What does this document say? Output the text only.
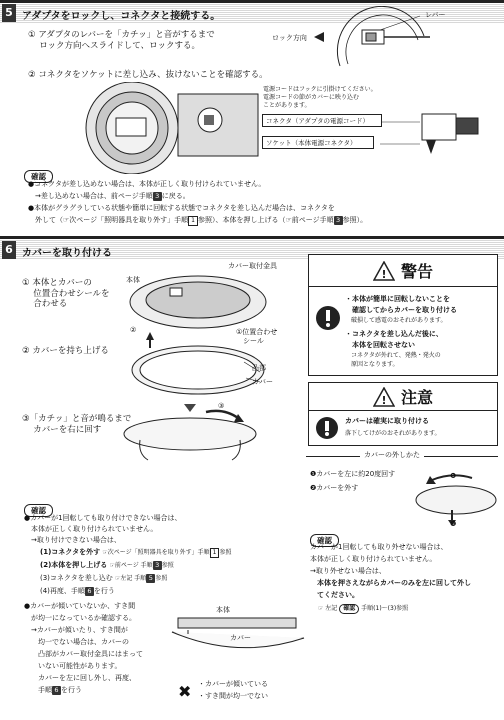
5 アダプタをロックし、コネクタと接続する。
① アダプタのレバーを「カチッ」と音がするまで
　 ロック方向へスライドして、ロックする。
レバー
ロック方向
② コネクタをソケットに差し込み、抜けないことを確認する。
電源コードはフックに引掛けてください。
電源コードの節がカバーに映り込む
ことがあります。
コネクタ（アダプタの電源コード）
ソケット（本体電源コネクタ）
確認
●コネクタが差し込めない場合は、本体が正しく取り付けられていません。
　→差し込めない場合は、前ページ手順 3 に戻る。
●本体がグラグラしている状態や簡単に回転する状態でコネクタを差し込んだ場合は、コネクタを
　外して（☞次ページ「照明器具を取り外す」手順 1 参照）、本体を押し上げる（☞前ページ手順 3 参照）。
6 カバーを取り付ける
① 本体とカバーの
　 位置合わせシールを
　 合わせる
② カバーを持ち上げる
③「カチッ」と音が鳴るまで
　 カバーを右に回す
本体
カバー取付金具
①位置合わせ
　シール
②
凸部
カバー
③
確認
●カバーが1回転しても取り付けできない場合は、
　本体が正しく取り付けられていません。
　→取り付けできない場合は、
(1)コネクタを外す ☞次ページ「照明器具を取り外す」手順 1 参照
(2)本体を押し上げる ☞前ページ 手順 3 参照
(3)コネクタを差し込む ☞左記 手順 5 参照
(4)再度、手順 6 を行う
●カバーが傾いていないか、すき間
　が均一になっているか確認する。
　→カバーが傾いたり、すき間が
　　均一でない場合は、カバーの
　　凸部がカバー取付金具にはまって
　　いない可能性があります。
　　カバーを左に回し外し、再度、
　　手順 6 を行う
本体
カバー
✖ ・カバーが傾いている
・すき間が均一でない
! 警告
・本体が簡単に回転しないことを
　確認してからカバーを取り付ける
　破損して感電のおそれがあります。
・コネクタを差し込んだ後に、
　本体を回転させない
　コネクタが外れて、発熱・発火の
　原因となります。
! 注意
カバーは確実に取り付ける
落下してけがのおそれがあります。
カバーの外しかた
❶カバーを左に約20度回す
❷カバーを外す
❶
❷
確認
カバーが1回転しても取り外せない場合は、
本体が正しく取り付けられていません。
→取り外せない場合は、
　本体を押さえながらカバーのみを左に回して外し
　てください。
☞ 左記 確認 手順(1)〜(3)参照
